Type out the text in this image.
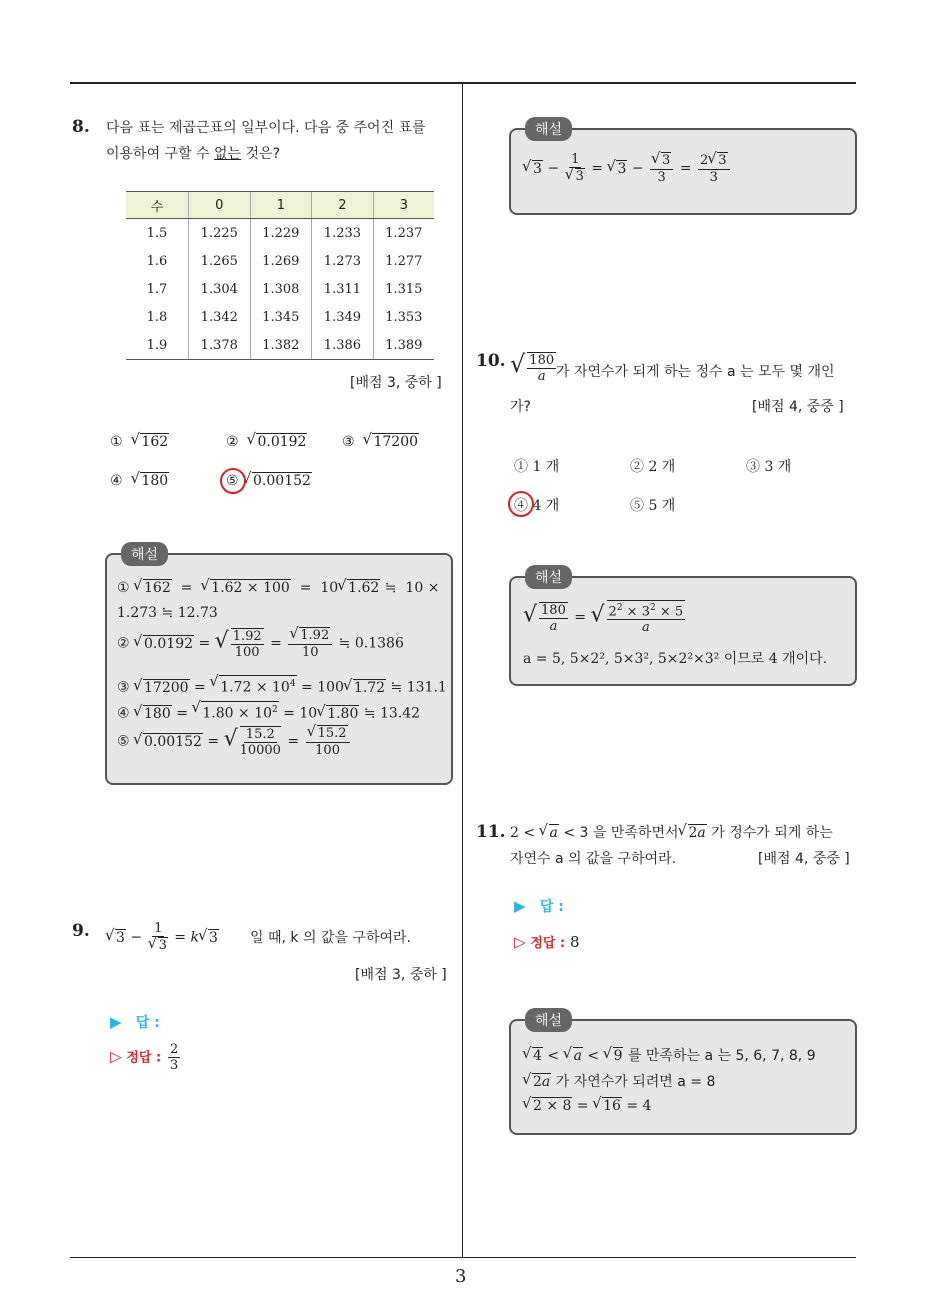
3
8. 다음 표는 제곱근표의 일부이다. 다음 중 주어진 표를
이용하여 구할 수 없는 것은?
수	0	1	2	3
1.5	1.225	1.229	1.233	1.237
1.6	1.265	1.269	1.273	1.277
1.7	1.304	1.308	1.311	1.315
1.8	1.342	1.345	1.349	1.353
1.9	1.378	1.382	1.386	1.389
[배점 3, 중하 ]
① √ 162	② √ 0.0192	③ √ 17200
④ √ 180	⑤ √ 0.00152
해설
① √ 162  =  √ 1.62 × 100  =  10 √ 1.62 ≒  10 ×
1.273 ≒ 12.73
② √ 0.0192 = √ $\frac{1.92}{100}$ = √ $\frac{1.92}{10}$ ≒ 0.1386
③ √ 17200 = √ $1.72 \times 10^4 = 100$ √ 1.72 ≒ 131.1
④ √ 180 = √ $1.80 \times 10^2 = 10$ √ 1.80 ≒ 13.42
⑤ √ 0.00152 = √ $\frac{15.2}{10000}$ = √ $\frac{15.2}{100}$
9.	√ 3 − 1
√ 3 = k √ 3 일 때, k 의 값을 구하여라.
[배점 3, 중하 ]
▶ 답 :
▷ 정답 : $\frac{2}{3}$
해설
√ 3 − 1
√ 3 = √ 3 − √ $\frac{3}{3} = \frac{2 √ 3}{3}$
10. √ $\frac{180}{a}$ 가 자연수가 되게 하는 정수 a 는 모두 몇 개인
가?	[배점 4, 중중 ]
① 1 개	② 2 개	③ 3 개
④ 4 개	⑤ 5 개
해설
√ $\frac{180}{a}$ = √ $\frac{2^2 \times 3^2 \times 5}{a}$
a = 5, 5×2², 5×3², 5×2²×3² 이므로 4 개이다.
11. 2 < √ a < 3 을 만족하면서 √ 2a 가 정수가 되게 하는
자연수 a 의 값을 구하여라.	[배점 4, 중중 ]
▶ 답 :
▷ 정답 : 8
해설
√ 4 < √ a < √ 9 를 만족하는 a 는 5, 6, 7, 8, 9
√ 2a 가 자연수가 되려면 a = 8
√ 2 × 8 = √ 16 = 4
